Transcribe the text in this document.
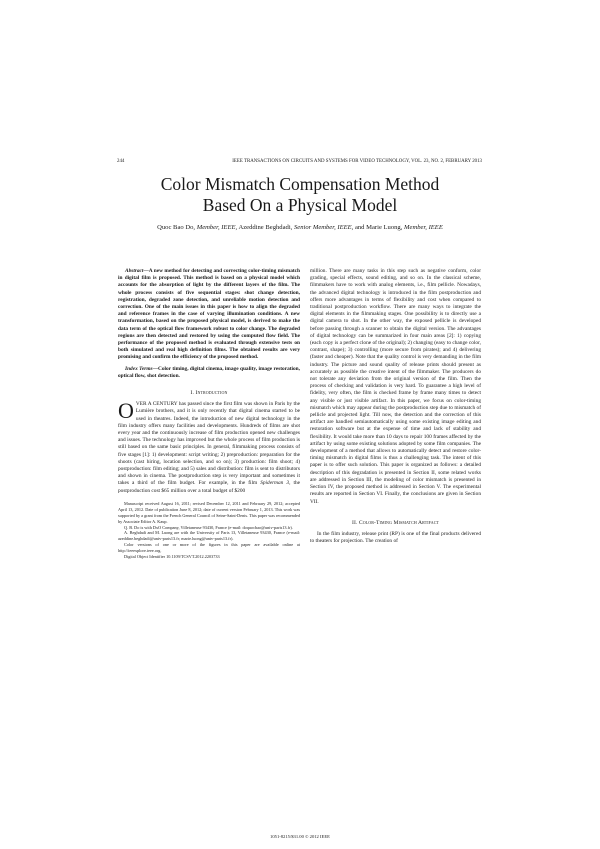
244	IEEE TRANSACTIONS ON CIRCUITS AND SYSTEMS FOR VIDEO TECHNOLOGY, VOL. 23, NO. 2, FEBRUARY 2013
Color Mismatch Compensation Method
Based On a Physical Model
Quoc Bao Do, Member, IEEE, Azeddine Beghdadi, Senior Member, IEEE, and Marie Luong, Member, IEEE

Abstract—A new method for detecting and correcting color-timing mismatch in digital film is proposed. This method is based on a physical model which accounts for the absorption of light by the different layers of the film. The whole process consists of five sequential stages: shot change detection, registration, degraded zone detection, and unreliable motion detection and correction. One of the main issues in this paper is how to align the degraded and reference frames in the case of varying illumination conditions. A new transformation, based on the proposed physical model, is derived to make the data term of the optical flow framework robust to color change. The degraded regions are then detected and restored by using the computed flow field. The performance of the proposed method is evaluated through extensive tests on both simulated and real high definition films. The obtained results are very promising and confirm the efficiency of the proposed method.

Index Terms—Color timing, digital cinema, image quality, image restoration, optical flow, shot detection.

I. Introduction

OVER A CENTURY has passed since the first film was shown in Paris by the Lumière brothers, and it is only recently that digital cinema started to be used in theatres. Indeed, the introduction of new digital technology in the film industry offers many facilities and developments. Hundreds of films are shot every year and the continuously increase of film production opened new challenges and issues. The technology has improved but the whole process of film production is still based on the same basic principles. In general, filmmaking process consists of five stages [1]: 1) development: script writing; 2) preproduction: preparation for the shoots (cast hiring, location selection, and so on); 3) production: film shoot; 4) postproduction: film editing; and 5) sales and distribution: film is sent to distributors and shown in cinema. The postproduction step is very important and sometimes it takes a third of the film budget. For example, in the film Spiderman 3, the postproduction cost $65 million over a total budget of $200

Manuscript received August 16, 2011; revised December 12, 2011 and February 29, 2012; accepted April 13, 2012. Date of publication June 8, 2012; date of current version February 1, 2013. This work was supported by a grant from the French General Council of Seine-Saint-Denis. This paper was recommended by Associate Editor A. Kaup.

Q. B. Do is with DxO Company, Villetaneuse 93430, France (e-mail: doquocbao@univ-paris13.fr).

A. Beghdadi and M. Luong are with the University of Paris 13, Villetaneuse 93430, France (e-mail: azeddine.beghdadi@univ-paris13.fr; marie.luong@univ-paris13.fr).

Color versions of one or more of the figures in this paper are available online at http://ieeexplore.ieee.org.

Digital Object Identifier 10.1109/TCSVT.2012.2203733

million. There are many tasks in this step such as negative conform, color grading, special effects, sound editing, and so on. In the classical scheme, filmmakers have to work with analog elements, i.e., film pellicle. Nowadays, the advanced digital technology is introduced in the film postproduction and offers more advantages in terms of flexibility and cost when compared to traditional postproduction workflow. There are many ways to integrate the digital elements in the filmmaking stages. One possibility is to directly use a digital camera to shot. In the other way, the exposed pellicle is developed before passing through a scanner to obtain the digital version. The advantages of digital technology can be summarized in four main areas [2]: 1) copying (each copy is a perfect clone of the original); 2) changing (easy to change color, contrast, shape); 3) controlling (more secure from pirates); and 4) delivering (faster and cheaper). Note that the quality control is very demanding in the film industry. The picture and sound quality of release prints should present as accurately as possible the creative intent of the filmmaker. The producers do not tolerate any deviation from the original version of the film. Then the process of checking and validation is very hard. To guarantee a high level of fidelity, very often, the film is checked frame by frame many times to detect any visible or just visible artifact. In this paper, we focus on color-timing mismatch which may appear during the postproduction step due to mismatch of pellicle and projected light. Till now, the detection and the correction of this artifact are handled semiautomatically using some existing image editing and restoration software but at the expense of time and lack of stability and flexibility. It would take more than 10 days to repair 100 frames affected by the artifact by using some existing solutions adopted by some film companies. The development of a method that allows to automatically detect and restore color-timing mismatch in digital films is thus a challenging task. The intent of this paper is to offer such solution. This paper is organized as follows: a detailed description of this degradation is presented in Section II, some related works are addressed in Section III, the modeling of color mismatch is presented in Section IV, the proposed method is addressed in Section V. The experimental results are reported in Section VI. Finally, the conclusions are given in Section VII.

II. Color-Timing Mismatch Artifact

In the film industry, release print (RP) is one of the final products delivered to theaters for projection. The creation of

1051-8215/$31.00 © 2012 IEEE
